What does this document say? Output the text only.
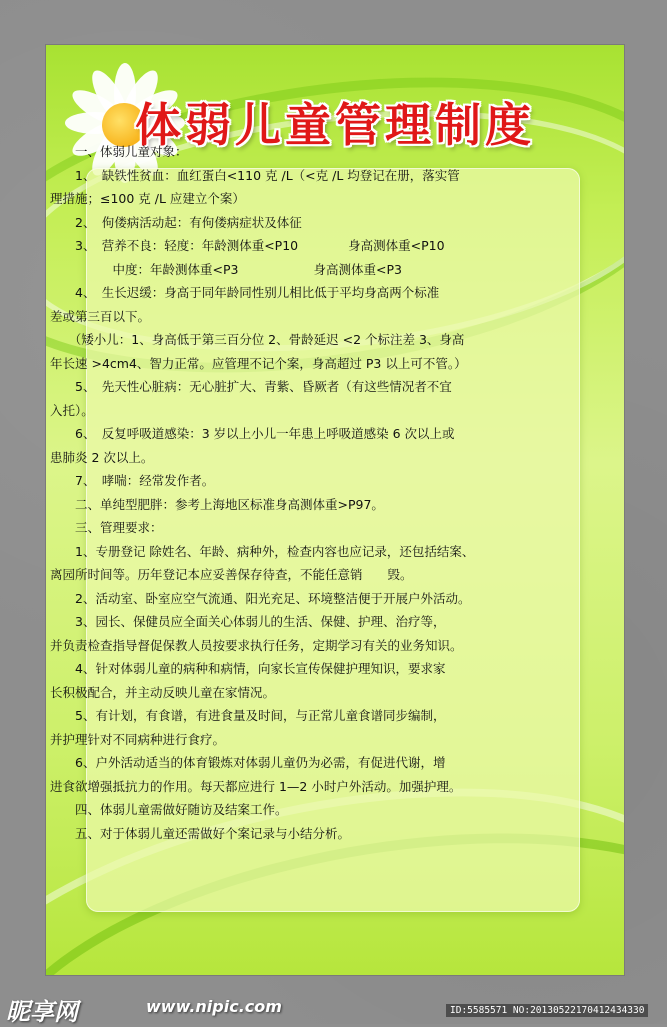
体弱儿童管理制度

　　一、体弱儿童对象：

　　1、　缺铁性贫血：血红蛋白<110 克 /L（<克 /L 均登记在册，落实管

理措施；≤100 克 /L 应建立个案）

　　2、　佝偻病活动起：有佝偻病症状及体征

　　3、　营养不良：轻度：年龄测体重<P10　　　　身高测体重<P10

　　　　　中度：年龄测体重<P3　　　　　　身高测体重<P3

　　4、　生长迟缓：身高于同年龄同性别儿相比低于平均身高两个标准

差或第三百以下。

　　（矮小儿：1、身高低于第三百分位 2、骨龄延迟 <2 个标注差 3、身高

年长速 >4cm4、智力正常。应管理不记个案，身高超过 P3 以上可不管。）

　　5、　先天性心脏病：无心脏扩大、青紫、昏厥者（有这些情况者不宜

入托）。

　　6、　反复呼吸道感染：3 岁以上小儿一年患上呼吸道感染 6 次以上或

患肺炎 2 次以上。

　　7、　哮喘：经常发作者。

　　二、单纯型肥胖：参考上海地区标准身高测体重>P97。

　　三、管理要求：

　　1、专册登记 除姓名、年龄、病种外，检查内容也应记录，还包括结案、

离园所时间等。历年登记本应妥善保存待查，不能任意销　　毁。

　　2、活动室、卧室应空气流通、阳光充足、环境整洁便于开展户外活动。

　　3、园长、保健员应全面关心体弱儿的生活、保健、护理、治疗等，

并负责检查指导督促保教人员按要求执行任务，定期学习有关的业务知识。

　　4、针对体弱儿童的病种和病情，向家长宣传保健护理知识，要求家

长积极配合，并主动反映儿童在家情况。

　　5、有计划，有食谱，有进食量及时间，与正常儿童食谱同步编制，

并护理针对不同病种进行食疗。

　　6、户外活动适当的体育锻炼对体弱儿童仍为必需，有促进代谢，增

进食欲增强抵抗力的作用。每天都应进行 1—2 小时户外活动。加强护理。

　　四、体弱儿童需做好随访及结案工作。

　　五、对于体弱儿童还需做好个案记录与小结分析。

昵享网	www.nipic.com	ID:5585571 NO:20130522170412434330
